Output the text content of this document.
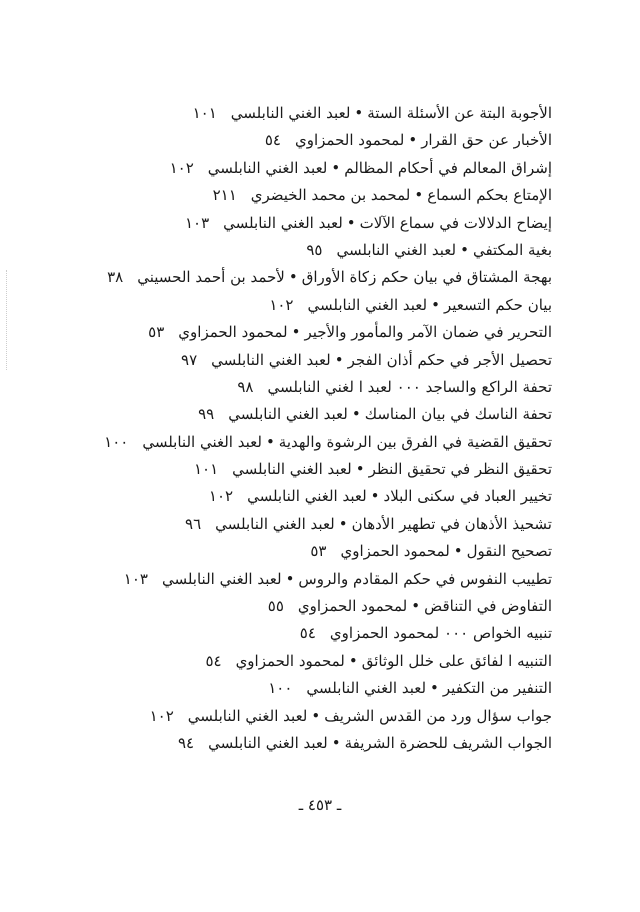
الأجوبة البتة عن الأسئلة الستة•لعبد الغني النابلسي١٠١
الأخبار عن حق القرار•لمحمود الحمزاوي٥٤
إشراق المعالم في أحكام المظالم•لعبد الغني النابلسي١٠٢
الإمتاع بحكم السماع•لمحمد بن محمد الخيضري٢١١
إيضاح الدلالات في سماع الآلات•لعبد الغني النابلسي١٠٣
بغية المكتفي•لعبد الغني النابلسي٩٥
بهجة المشتاق في بيان حكم زكاة الأوراق•لأحمد بن أحمد الحسيني٣٨
بيان حكم التسعير•لعبد الغني النابلسي١٠٢
التحرير في ضمان الآمر والمأمور والأجير•لمحمود الحمزاوي٥٣
تحصيل الأجر في حكم أذان الفجر•لعبد الغني النابلسي٩٧
تحفة الراكع والساجد ٠٠٠ لعبد ا لغني النابلسي٩٨
تحفة الناسك في بيان المناسك•لعبد الغني النابلسي٩٩
تحقيق القضية في الفرق بين الرشوة والهدية•لعبد الغني النابلسي١٠٠
تحقيق النظر في تحقيق النظر•لعبد الغني النابلسي١٠١
تخيير العباد في سكنى البلاد•لعبد الغني النابلسي١٠٢
تشحيذ الأذهان في تطهير الأدهان•لعبد الغني النابلسي٩٦
تصحيح النقول•لمحمود الحمزاوي٥٣
تطييب النفوس في حكم المقادم والروس•لعبد الغني النابلسي١٠٣
التفاوض في التناقض•لمحمود الحمزاوي٥٥
تنبيه الخواص ٠٠٠ لمحمود الحمزاوي٥٤
التنبيه ا لفائق على خلل الوثائق•لمحمود الحمزاوي٥٤
التنفير من التكفير•لعبد الغني النابلسي١٠٠
جواب سؤال ورد من القدس الشريف•لعبد الغني النابلسي١٠٢
الجواب الشريف للحضرة الشريفة•لعبد الغني النابلسي٩٤
ـ ٤٥٣ ـ
